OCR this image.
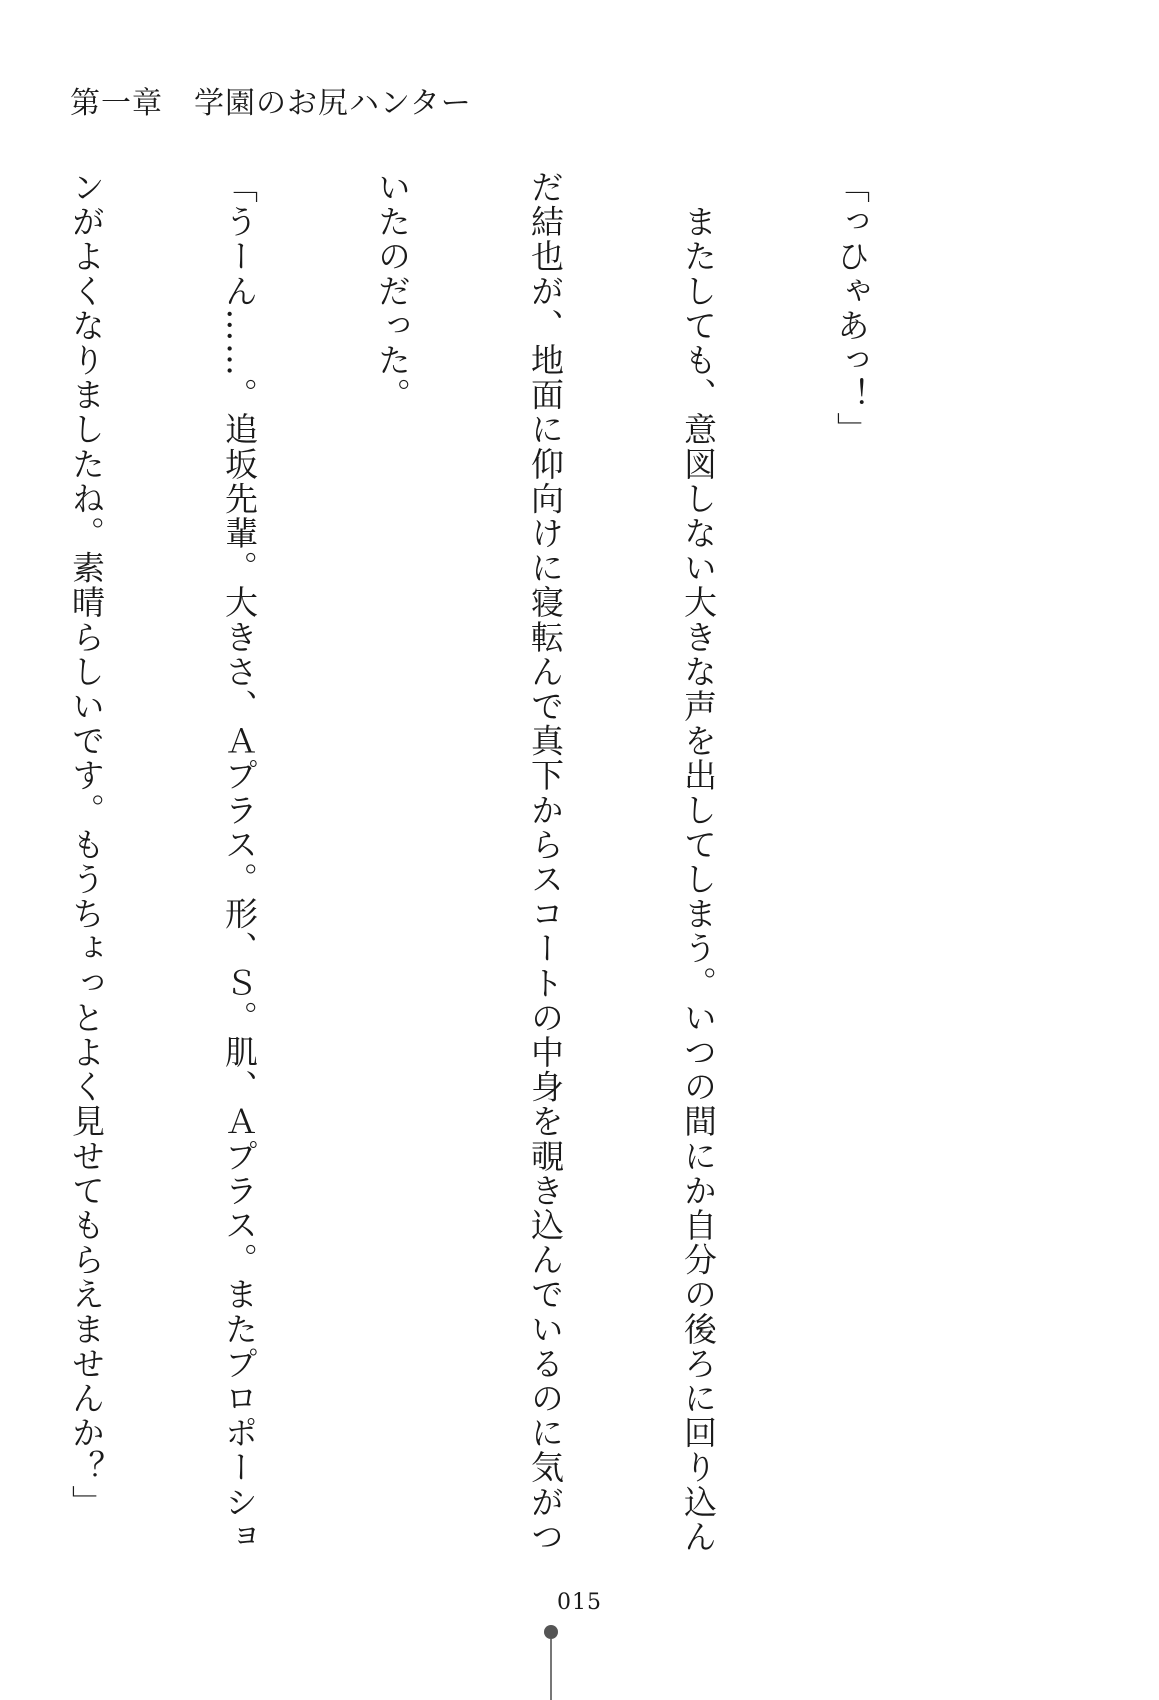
第一章　学園のお尻ハンター

「っひゃあっ！」

　またしても、意図しない大きな声を出してしまう。いつの間にか自分の後ろに回り込ん

だ結也が、地面に仰向けに寝転んで真下からスコートの中身を覗き込んでいるのに気がつ

いたのだった。

「うーん……。追坂先輩。大きさ、Ａプラス。形、Ｓ。肌、Ａプラス。またプロポーショ

ンがよくなりましたね。素晴らしいです。もうちょっとよく見せてもらえませんか？」

015
